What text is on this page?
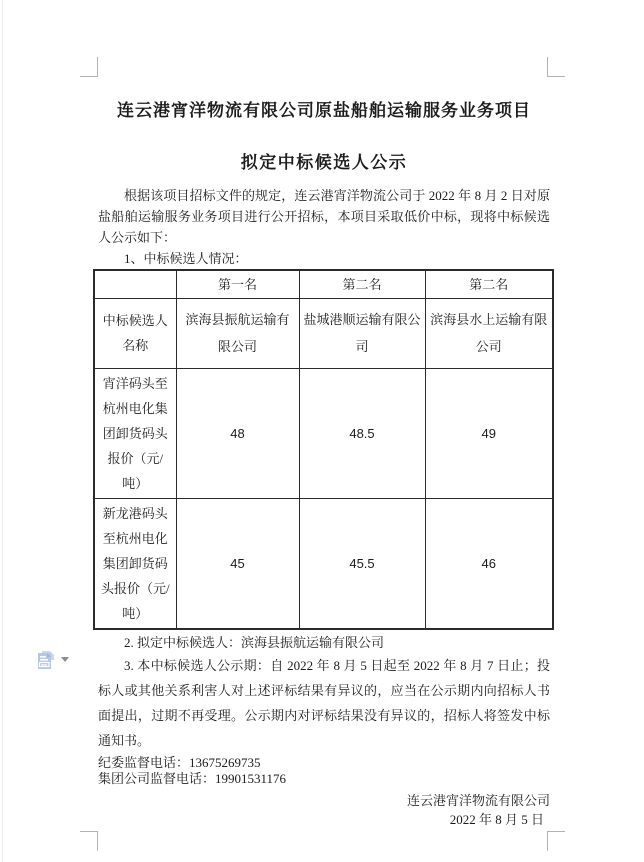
连云港宵洋物流有限公司原盐船舶运输服务业务项目
拟定中标候选人公示

根据该项目招标文件的规定，连云港宵洋物流公司于 2022 年 8 月 2 日对原盐船舶运输服务业务项目进行公开招标，本项目采取低价中标，现将中标候选人公示如下：

1、中标候选人情况：

	第一名	第二名	第二名
中标候选人名称	滨海县振航运输有限公司	盐城港顺运输有限公司	滨海县水上运输有限公司
宵洋码头至杭州电化集团卸货码头报价（元/吨）	48	48.5	49
新龙港码头至杭州电化集团卸货码头报价（元/吨）	45	45.5	46

2. 拟定中标候选人：滨海县振航运输有限公司

3. 本中标候选人公示期：自 2022 年 8 月 5 日起至 2022 年 8 月 7 日止；投标人或其他关系利害人对上述评标结果有异议的，应当在公示期内向招标人书面提出，过期不再受理。公示期内对评标结果没有异议的，招标人将签发中标通知书。

纪委监督电话：13675269735
集团公司监督电话：19901531176
连云港宵洋物流有限公司
2022 年 8 月 5 日
